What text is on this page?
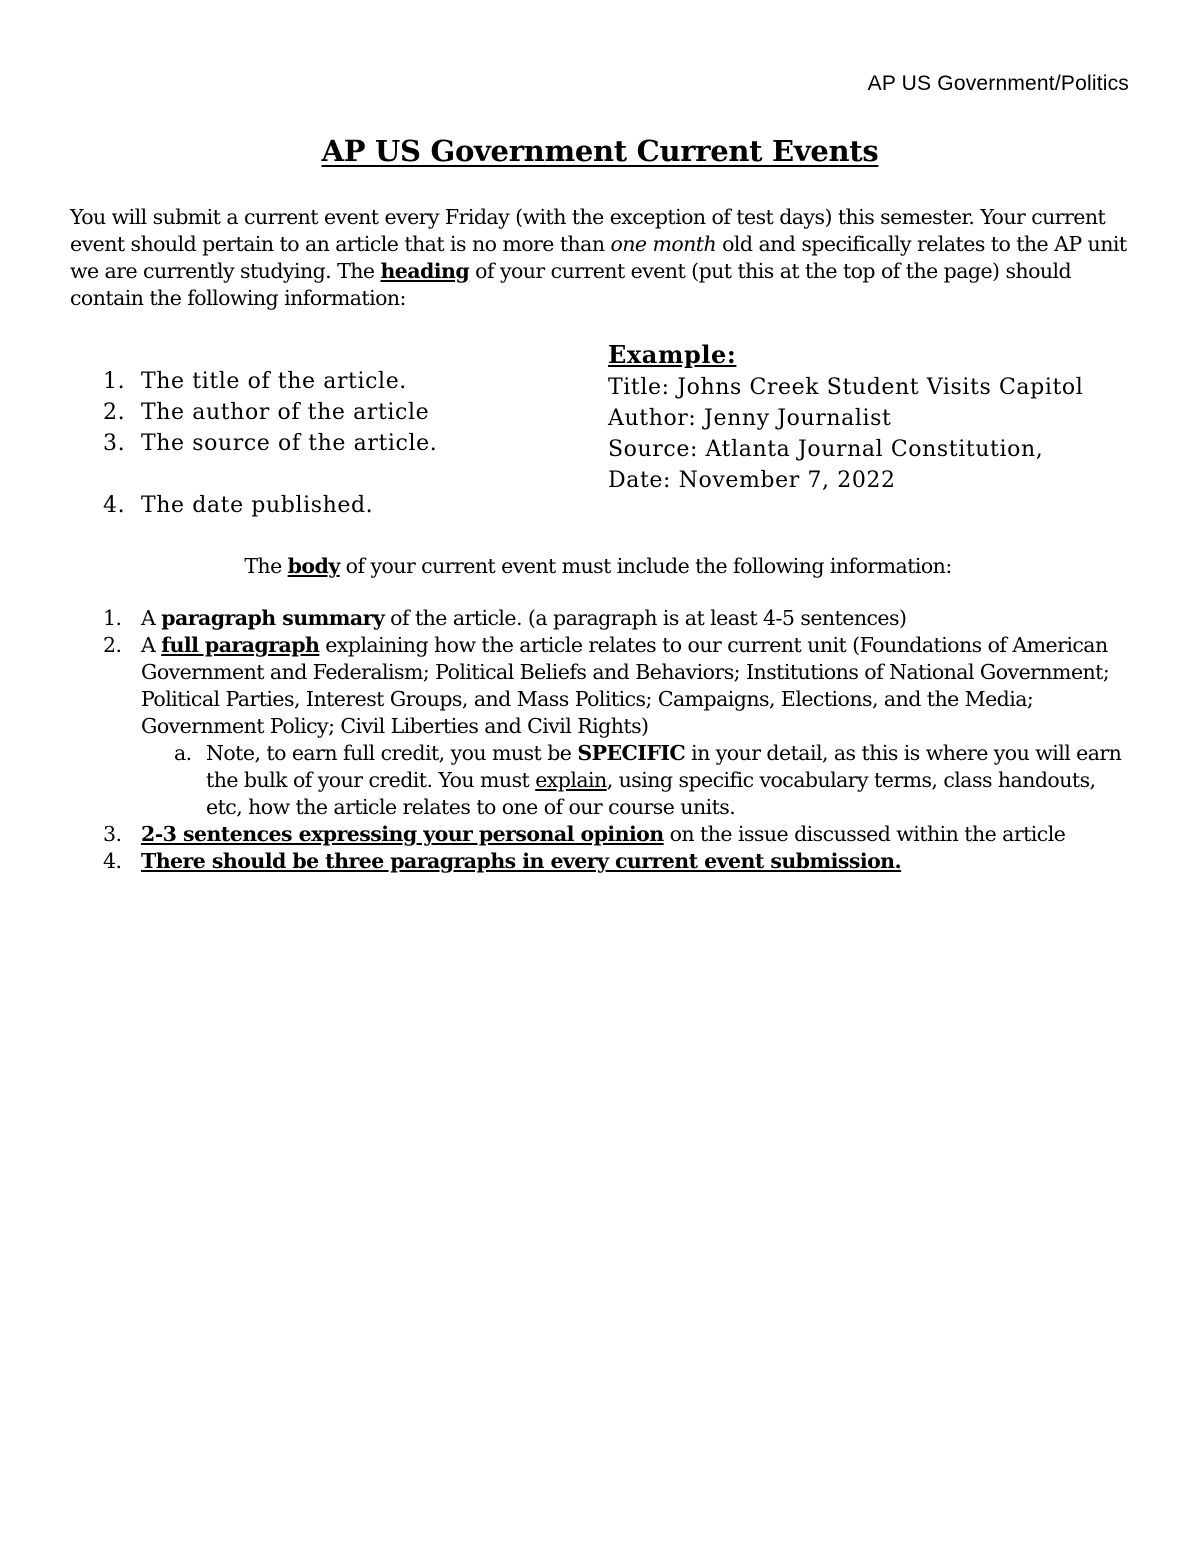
AP US Government/Politics
AP US Government Current Events

You will submit a current event every Friday (with the exception of test days) this semester. Your current event should pertain to an article that is no more than one month old and specifically relates to the AP unit we are currently studying. The heading of your current event (put this at the top of the page) should contain the following information:

1. The title of the article.
2. The author of the article
3. The source of the article.
4. The date published.
Example:
Title: Johns Creek Student Visits Capitol
Author: Jenny Journalist
Source: Atlanta Journal Constitution,
Date: November 7, 2022

The body of your current event must include the following information:

1. A paragraph summary of the article. (a paragraph is at least 4-5 sentences)
2. A full paragraph explaining how the article relates to our current unit (Foundations of American Government and Federalism; Political Beliefs and Behaviors; Institutions of National Government; Political Parties, Interest Groups, and Mass Politics; Campaigns, Elections, and the Media; Government Policy; Civil Liberties and Civil Rights)
a. Note, to earn full credit, you must be SPECIFIC in your detail, as this is where you will earn the bulk of your credit. You must explain, using specific vocabulary terms, class handouts, etc, how the article relates to one of our course units.
3. 2-3 sentences expressing your personal opinion on the issue discussed within the article
4. There should be three paragraphs in every current event submission.
